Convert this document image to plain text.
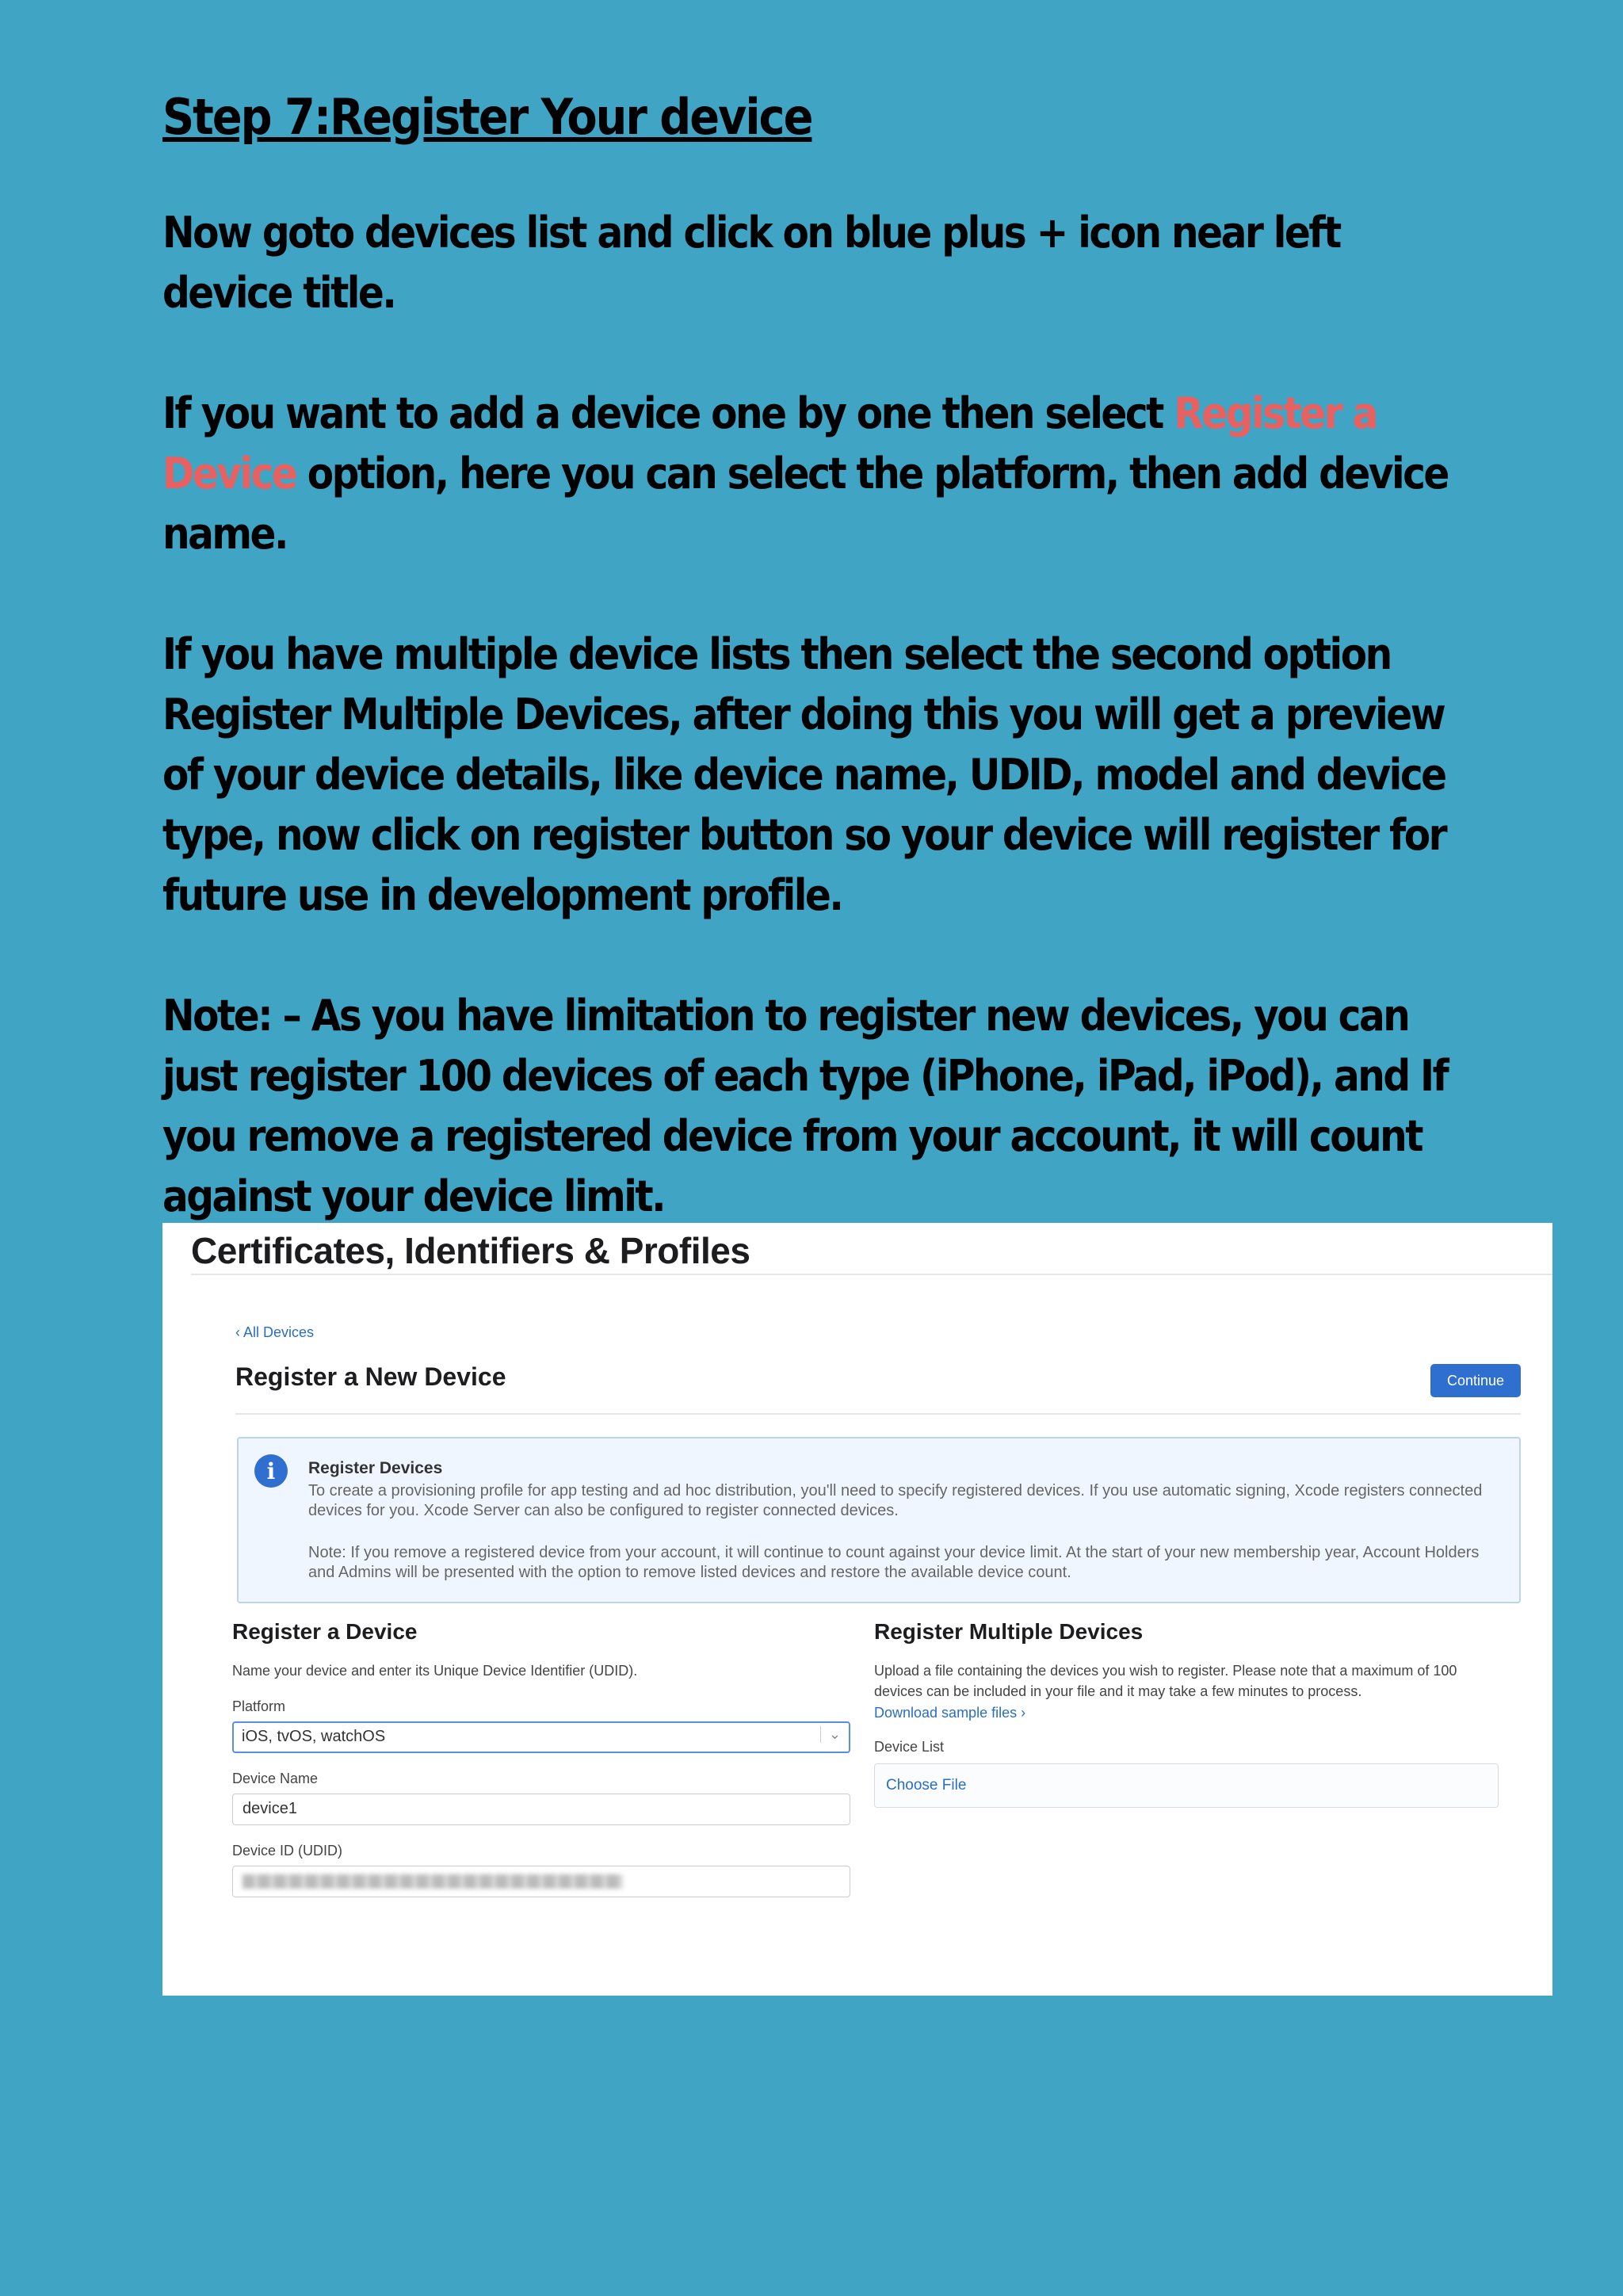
Step 7:Register Your device

Now goto devices list and click on blue plus + icon near left device title.

If you want to add a device one by one then select Register a Device option, here you can select the platform, then add device name.

If you have multiple device lists then select the second option Register Multiple Devices, after doing this you will get a preview of your device details, like device name, UDID, model and device type, now click on register button so your device will register for future use in development profile.

Note: – As you have limitation to register new devices, you can just register 100 devices of each type (iPhone, iPad, iPod), and If you remove a registered device from your account, it will count against your device limit.

Certificates, Identifiers & Profiles
‹ All Devices
Register a New Device	Continue
i	Register Devices
To create a provisioning profile for app testing and ad hoc distribution, you'll need to specify registered devices. If you use automatic signing, Xcode registers connected devices for you. Xcode Server can also be configured to register connected devices.
Note: If you remove a registered device from your account, it will continue to count against your device limit. At the start of your new membership year, Account Holders and Admins will be presented with the option to remove listed devices and restore the available device count.
Register a Device
Name your device and enter its Unique Device Identifier (UDID).
Platform
iOS, tvOS, watchOS	⌄
Device Name
device1
Device ID (UDID)
Register Multiple Devices
Upload a file containing the devices you wish to register. Please note that a maximum of 100 devices can be included in your file and it may take a few minutes to process.
Download sample files ›
Device List
Choose File
